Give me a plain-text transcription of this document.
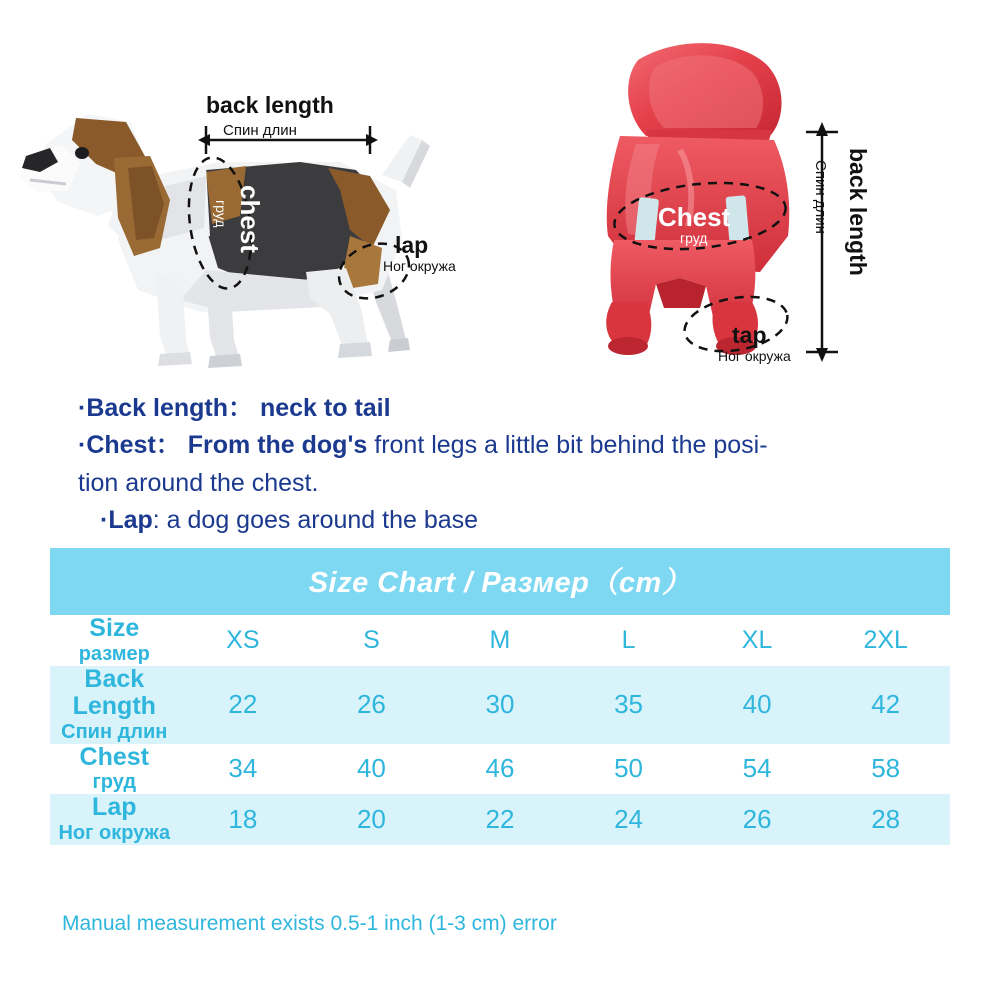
back length
Спин длин
chest
груд
lap
Ног окружа
Chest
груд
tap
Ног окружа
back length
Спин длин

·Back length： neck to tail

·Chest： From the dog's front legs a little bit behind the posi-

tion around the chest.

·Lap: a dog goes around the base

Size Chart / Размер（cm）						

Size
размер	XS	S	M	L	XL	2XL

Back Length
Спин длин	22	26	30	35	40	42

Chest
груд	34	40	46	50	54	58

Lap
Ног окружа	18	20	22	24	26	28
Manual measurement exists 0.5-1 inch (1-3 cm) error
